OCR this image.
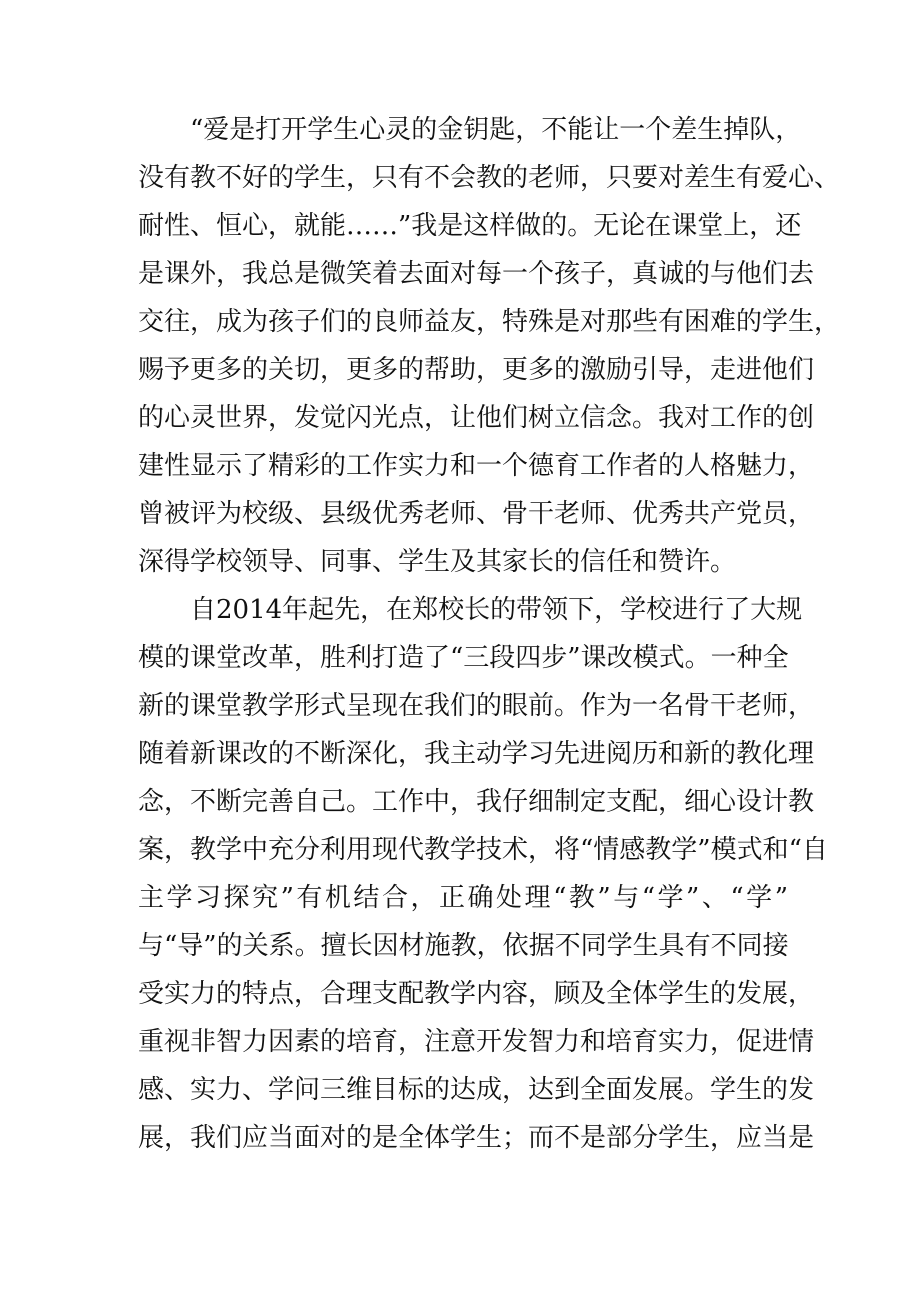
“爱是打开学生心灵的金钥匙，不能让一个差生掉队，
没有教不好的学生，只有不会教的老师，只要对差生有爱心、
耐性、恒心，就能……”我是这样做的。无论在课堂上，还
是课外，我总是微笑着去面对每一个孩子，真诚的与他们去
交往，成为孩子们的良师益友，特殊是对那些有困难的学生，
赐予更多的关切，更多的帮助，更多的激励引导，走进他们
的心灵世界，发觉闪光点，让他们树立信念。我对工作的创
建性显示了精彩的工作实力和一个德育工作者的人格魅力，
曾被评为校级、县级优秀老师、骨干老师、优秀共产党员，
深得学校领导、同事、学生及其家长的信任和赞许。
自2014年起先，在郑校长的带领下，学校进行了大规
模的课堂改革，胜利打造了“三段四步”课改模式。一种全
新的课堂教学形式呈现在我们的眼前。作为一名骨干老师，
随着新课改的不断深化，我主动学习先进阅历和新的教化理
念，不断完善自己。工作中，我仔细制定支配，细心设计教
案，教学中充分利用现代教学技术，将“情感教学”模式和“自
主学习探究”有机结合，正确处理“教”与“学”、“学”
与“导”的关系。擅长因材施教，依据不同学生具有不同接
受实力的特点，合理支配教学内容，顾及全体学生的发展，
重视非智力因素的培育，注意开发智力和培育实力，促进情
感、实力、学问三维目标的达成，达到全面发展。学生的发
展，我们应当面对的是全体学生；而不是部分学生，应当是
